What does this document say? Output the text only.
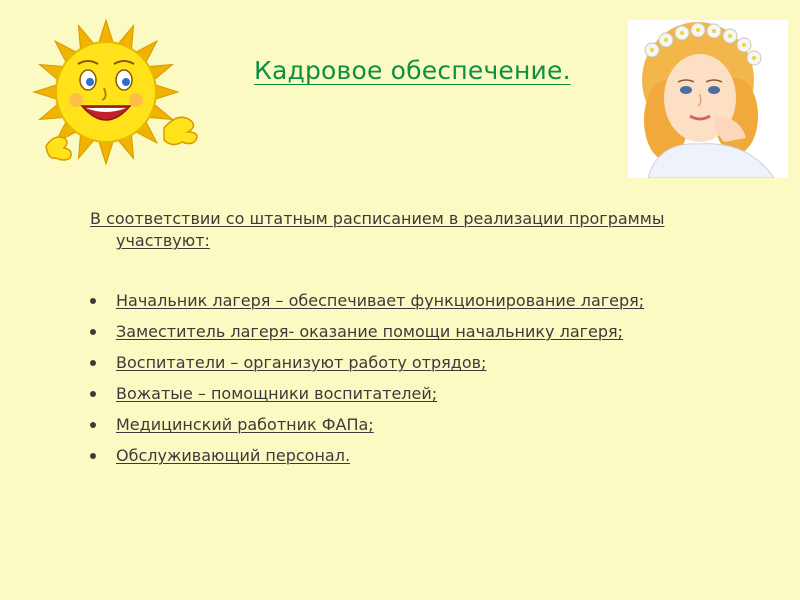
Кадровое обеспечение.
В соответствии со штатным расписанием в реализации программы участвуют:
Начальник лагеря – обеспечивает функционирование лагеря;
Заместитель лагеря- оказание помощи начальнику лагеря;
Воспитатели – организуют работу отрядов;
Вожатые – помощники воспитателей;
Медицинский работник ФАПа;
Обслуживающий персонал.
